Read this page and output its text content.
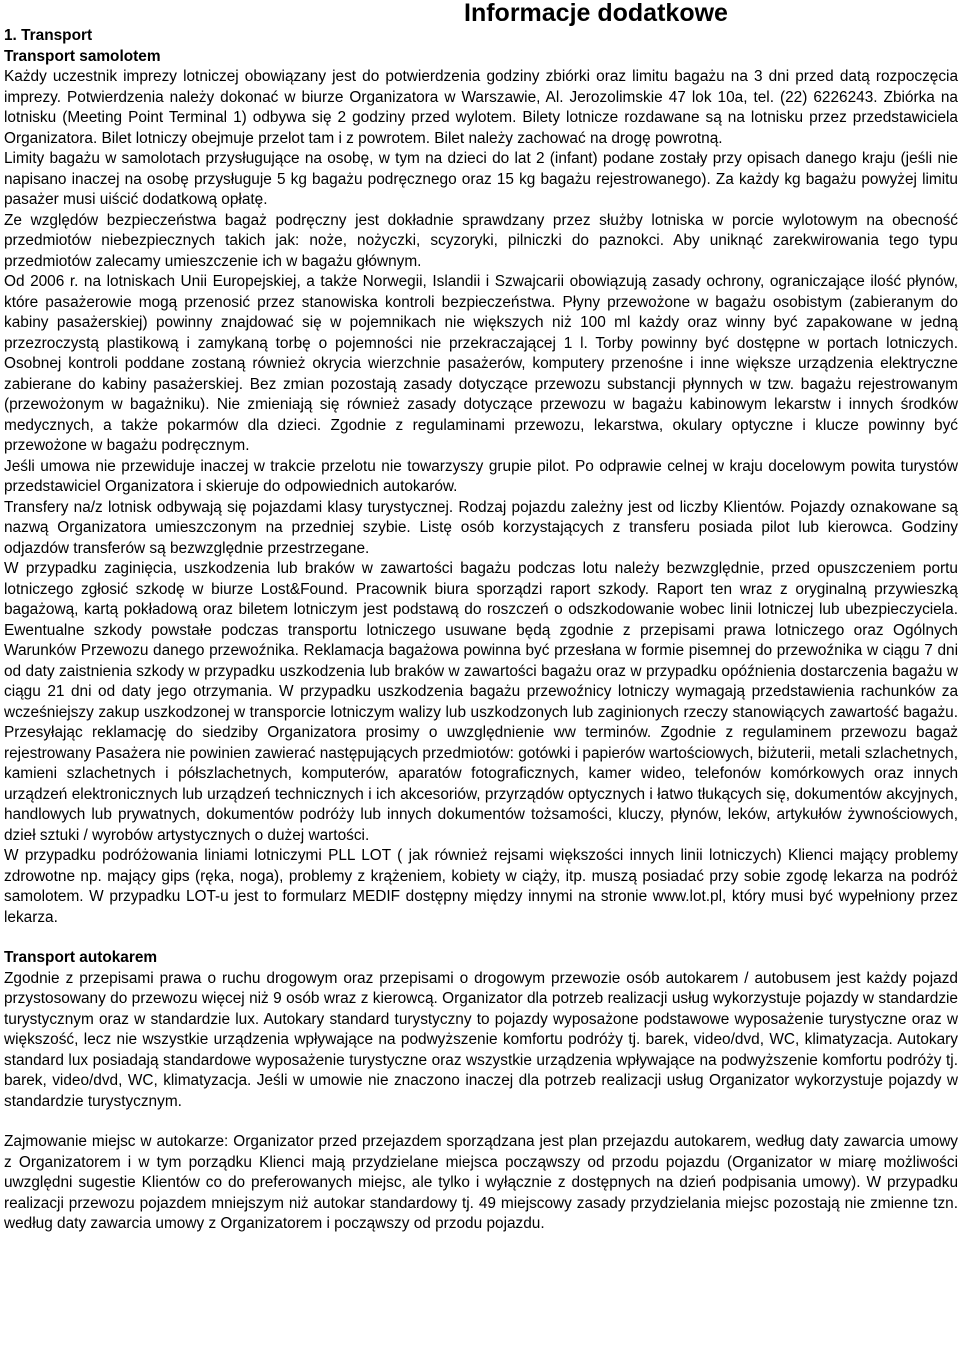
Informacje dodatkowe
1. Transport
Transport samolotem

Każdy uczestnik imprezy lotniczej obowiązany jest do potwierdzenia godziny zbiórki oraz limitu bagażu na 3 dni przed datą rozpoczęcia imprezy. Potwierdzenia należy dokonać w biurze Organizatora w Warszawie, Al. Jerozolimskie 47 lok 10a, tel. (22) 6226243. Zbiórka na lotnisku (Meeting Point Terminal 1) odbywa się 2 godziny przed wylotem. Bilety lotnicze rozdawane są na lotnisku przez przedstawiciela Organizatora. Bilet lotniczy obejmuje przelot tam i z powrotem. Bilet należy zachować na drogę powrotną.

Limity bagażu w samolotach przysługujące na osobę, w tym na dzieci do lat 2 (infant) podane zostały przy opisach danego kraju (jeśli nie napisano inaczej na osobę przysługuje 5 kg bagażu podręcznego oraz 15 kg bagażu rejestrowanego). Za każdy kg bagażu powyżej limitu pasażer musi uiścić dodatkową opłatę.

Ze względów bezpieczeństwa bagaż podręczny jest dokładnie sprawdzany przez służby lotniska w porcie wylotowym na obecność przedmiotów niebezpiecznych takich jak: noże, nożyczki, scyzoryki, pilniczki do paznokci. Aby uniknąć zarekwirowania tego typu przedmiotów zalecamy umieszczenie ich w bagażu głównym.

Od 2006 r. na lotniskach Unii Europejskiej, a także Norwegii, Islandii i Szwajcarii obowiązują zasady ochrony, ograniczające ilość płynów, które pasażerowie mogą przenosić przez stanowiska kontroli bezpieczeństwa. Płyny przewożone w bagażu osobistym (zabieranym do kabiny pasażerskiej) powinny znajdować się w pojemnikach nie większych niż 100 ml każdy oraz winny być zapakowane w jedną przezroczystą plastikową i zamykaną torbę o pojemności nie przekraczającej 1 l. Torby powinny być dostępne w portach lotniczych. Osobnej kontroli poddane zostaną również okrycia wierzchnie pasażerów, komputery przenośne i inne większe urządzenia elektryczne zabierane do kabiny pasażerskiej. Bez zmian pozostają zasady dotyczące przewozu substancji płynnych w tzw. bagażu rejestrowanym (przewożonym w bagażniku). Nie zmieniają się również zasady dotyczące przewozu w bagażu kabinowym lekarstw i innych środków medycznych, a także pokarmów dla dzieci. Zgodnie z regulaminami przewozu, lekarstwa, okulary optyczne i klucze powinny być przewożone w bagażu podręcznym.

Jeśli umowa nie przewiduje inaczej w trakcie przelotu nie towarzyszy grupie pilot. Po odprawie celnej w kraju docelowym powita turystów przedstawiciel Organizatora i skieruje do odpowiednich autokarów.

Transfery na/z lotnisk odbywają się pojazdami klasy turystycznej. Rodzaj pojazdu zależny jest od liczby Klientów. Pojazdy oznakowane są nazwą Organizatora umieszczonym na przedniej szybie. Listę osób korzystających z transferu posiada pilot lub kierowca. Godziny odjazdów transferów są bezwzględnie przestrzegane.

W przypadku zaginięcia, uszkodzenia lub braków w zawartości bagażu podczas lotu należy bezwzględnie, przed opuszczeniem portu lotniczego zgłosić szkodę w biurze Lost&Found. Pracownik biura sporządzi raport szkody. Raport ten wraz z oryginalną przywieszką bagażową, kartą pokładową oraz biletem lotniczym jest podstawą do roszczeń o odszkodowanie wobec linii lotniczej lub ubezpieczyciela. Ewentualne szkody powstałe podczas transportu lotniczego usuwane będą zgodnie z przepisami prawa lotniczego oraz Ogólnych Warunków Przewozu danego przewoźnika. Reklamacja bagażowa powinna być przesłana w formie pisemnej do przewoźnika w ciągu 7 dni od daty zaistnienia szkody w przypadku uszkodzenia lub braków w zawartości bagażu oraz w przypadku opóźnienia dostarczenia bagażu w ciągu 21 dni od daty jego otrzymania. W przypadku uszkodzenia bagażu przewoźnicy lotniczy wymagają przedstawienia rachunków za wcześniejszy zakup uszkodzonej w transporcie lotniczym walizy lub uszkodzonych lub zaginionych rzeczy stanowiących zawartość bagażu. Przesyłając reklamację do siedziby Organizatora prosimy o uwzględnienie ww terminów. Zgodnie z regulaminem przewozu bagaż rejestrowany Pasażera nie powinien zawierać następujących przedmiotów: gotówki i papierów wartościowych, biżuterii, metali szlachetnych, kamieni szlachetnych i półszlachetnych, komputerów, aparatów fotograficznych, kamer wideo, telefonów komórkowych oraz innych urządzeń elektronicznych lub urządzeń technicznych i ich akcesoriów, przyrządów optycznych i łatwo tłukących się, dokumentów akcyjnych, handlowych lub prywatnych, dokumentów podróży lub innych dokumentów tożsamości, kluczy, płynów, leków, artykułów żywnościowych, dzieł sztuki / wyrobów artystycznych o dużej wartości.

W przypadku podróżowania liniami lotniczymi PLL LOT ( jak również rejsami większości innych linii lotniczych) Klienci mający problemy zdrowotne np. mający gips (ręka, noga), problemy z krążeniem, kobiety w ciąży, itp. muszą posiadać przy sobie zgodę lekarza na podróż samolotem. W przypadku LOT-u jest to formularz MEDIF dostępny między innymi na stronie www.lot.pl, który musi być wypełniony przez lekarza.

Transport autokarem

Zgodnie z przepisami prawa o ruchu drogowym oraz przepisami o drogowym przewozie osób autokarem / autobusem jest każdy pojazd przystosowany do przewozu więcej niż 9 osób wraz z kierowcą. Organizator dla potrzeb realizacji usług wykorzystuje pojazdy w standardzie turystycznym oraz w standardzie lux. Autokary standard turystyczny to pojazdy wyposażone podstawowe wyposażenie turystyczne oraz w większość, lecz nie wszystkie urządzenia wpływające na podwyższenie komfortu podróży tj. barek, video/dvd, WC, klimatyzacja. Autokary standard lux posiadają standardowe wyposażenie turystyczne oraz wszystkie urządzenia wpływające na podwyższenie komfortu podróży tj. barek, video/dvd, WC, klimatyzacja. Jeśli w umowie nie znaczono inaczej dla potrzeb realizacji usług Organizator wykorzystuje pojazdy w standardzie turystycznym.

Zajmowanie miejsc w autokarze: Organizator przed przejazdem sporządzana jest plan przejazdu autokarem, według daty zawarcia umowy z Organizatorem i w tym porządku Klienci mają przydzielane miejsca począwszy od przodu pojazdu (Organizator w miarę możliwości uwzględni sugestie Klientów co do preferowanych miejsc, ale tylko i wyłącznie z dostępnych na dzień podpisania umowy). W przypadku realizacji przewozu pojazdem mniejszym niż autokar standardowy tj. 49 miejscowy zasady przydzielania miejsc pozostają nie zmienne tzn. według daty zawarcia umowy z Organizatorem i począwszy od przodu pojazdu.
